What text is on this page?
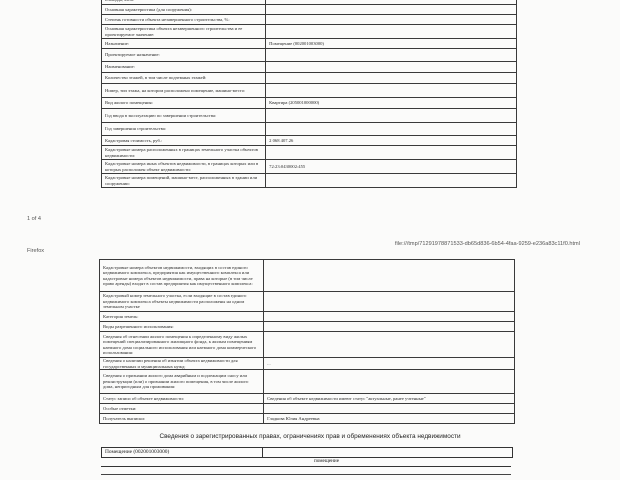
Основная характеристика (для сооружения):	
Степень готовности объекта незавершенного строительства, %:	
Основная характеристика объекта незавершенного строительства и ее проектируемое значение:	
Назначение:	Помещение (002001003000)
Проектируемое назначение:	
Наименование:	
Количество этажей, в том числе подземных этажей:	
Номер, тип этажа, на котором расположено помещение, машино-место:	
Вид жилого помещения:	Квартира (205001000000)
Год ввода в эксплуатацию по завершении строительства:	
Год завершения строительства:	
Кадастровая стоимость, руб.:	2 068 407.26
Кадастровые номера расположенных в границах земельного участка объектов недвижимости:	
Кадастровые номера иных объектов недвижимости, в границах которых или в которых расположен объект недвижимости:	72:23:0430002:455
Кадастровые номера помещений, машино-мест, расположенных в здании или сооружении:	
1 of 4
Firefox
file:///tmp/71291978871533-db65d836-6b54-4faa-9259-e236a83c11f0.html
Кадастровые номера объектов недвижимости, входящих в состав единого недвижимого комплекса, предприятия как имущественного комплекса или кадастровые номера объектов недвижимости, права на которые (в том числе право аренды) входят в состав предприятия как имущественного комплекса:	
Кадастровый номер земельного участка, если входящие в состав единого недвижимого комплекса объекты недвижимости расположены на одном земельном участке	
Категория земель:	
Виды разрешенного использования:	
Сведения об отнесении жилого помещения к определенному виду жилых помещений специализированного жилищного фонда, к жилым помещениям наемного дома социального использования или наемного дома коммерческого использования:	
Сведения о наличии решения об изъятии объекта недвижимости для государственных и муниципальных нужд:	...
Сведения о признании жилого дома аварийным и подлежащим сносу или реконструкции (или) о признании жилого помещения, в том числе жилого дома, непригодным для проживания:	
Статус записи об объекте недвижимости:	Сведения об объекте недвижимости имеют статус "актуальные, ранее учтенные"
Особые отметки:	
Получатель выписки:	Гладкова Юлия Андреевна
Сведения о зарегистрированных правах, ограничениях прав и обременениях объекта недвижимости
Помещение (002001003000)
помещение
